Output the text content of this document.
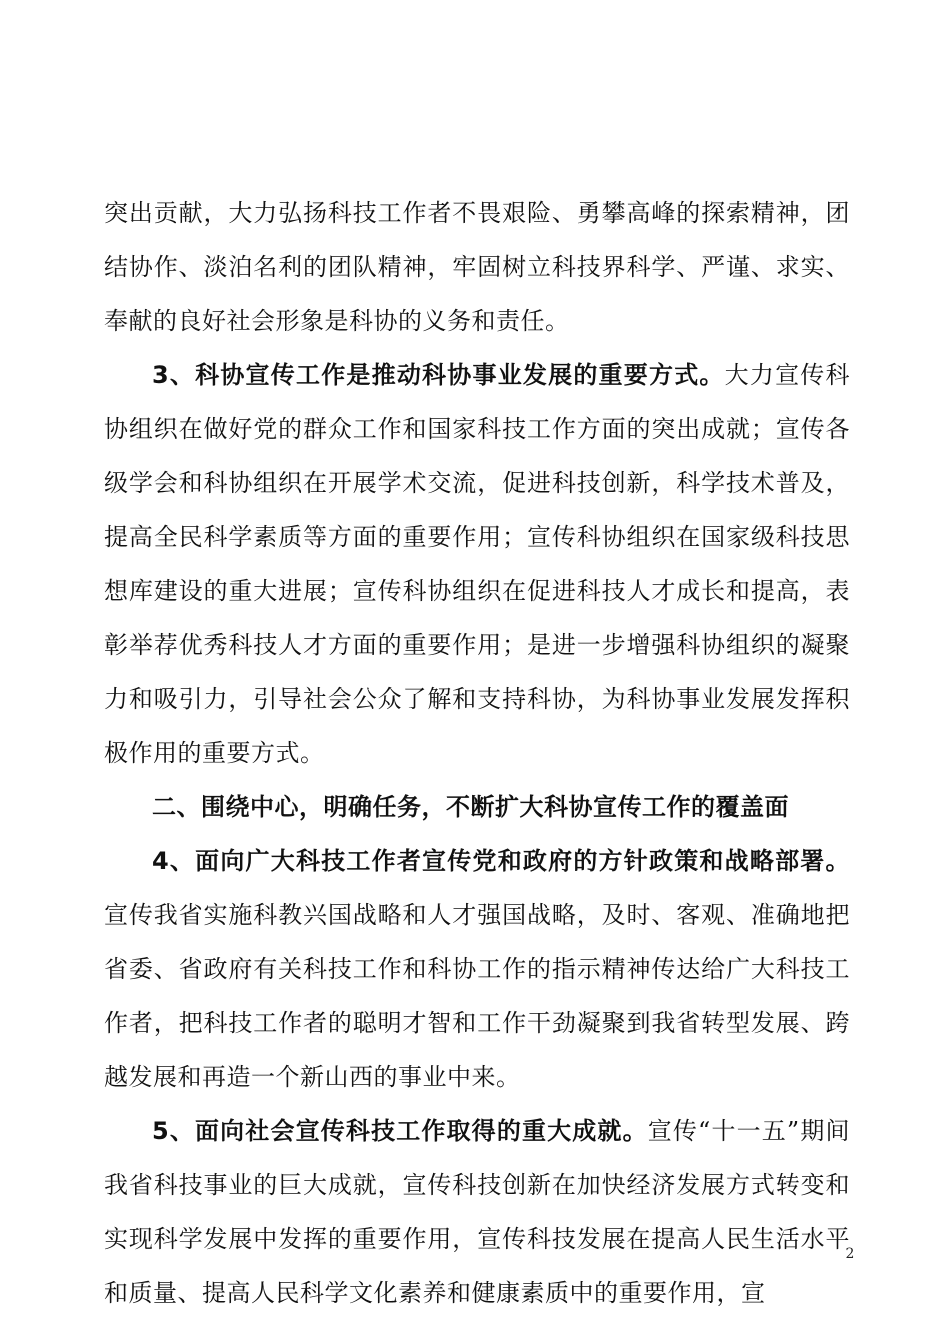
突出贡献，大力弘扬科技工作者不畏艰险、勇攀高峰的探索精神，团结协作、淡泊名利的团队精神，牢固树立科技界科学、严谨、求实、奉献的良好社会形象是科协的义务和责任。

3、科协宣传工作是推动科协事业发展的重要方式。大力宣传科协组织在做好党的群众工作和国家科技工作方面的突出成就；宣传各级学会和科协组织在开展学术交流，促进科技创新，科学技术普及，提高全民科学素质等方面的重要作用；宣传科协组织在国家级科技思想库建设的重大进展；宣传科协组织在促进科技人才成长和提高，表彰举荐优秀科技人才方面的重要作用；是进一步增强科协组织的凝聚力和吸引力，引导社会公众了解和支持科协，为科协事业发展发挥积极作用的重要方式。

二、围绕中心，明确任务，不断扩大科协宣传工作的覆盖面

4、面向广大科技工作者宣传党和政府的方针政策和战略部署。宣传我省实施科教兴国战略和人才强国战略，及时、客观、准确地把省委、省政府有关科技工作和科协工作的指示精神传达给广大科技工作者，把科技工作者的聪明才智和工作干劲凝聚到我省转型发展、跨越发展和再造一个新山西的事业中来。

5、面向社会宣传科技工作取得的重大成就。宣传“十一五”期间我省科技事业的巨大成就，宣传科技创新在加快经济发展方式转变和实现科学发展中发挥的重要作用，宣传科技发展在提高人民生活水平和质量、提高人民科学文化素养和健康素质中的重要作用，宣

2
